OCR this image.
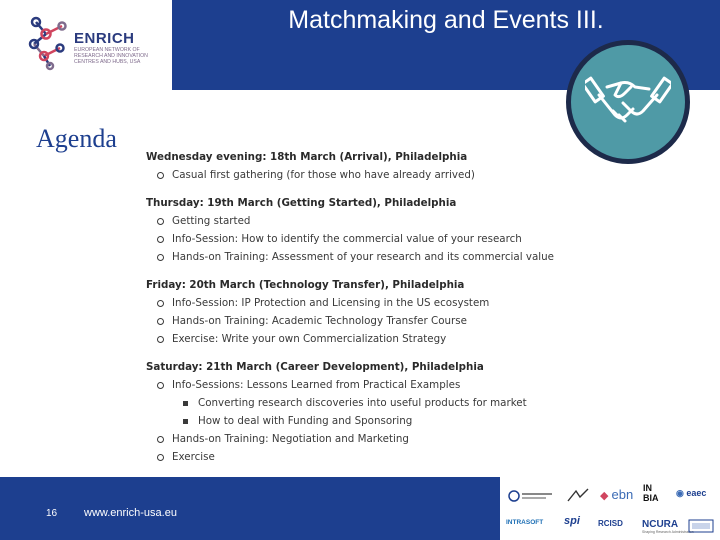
ENRICH
EUROPEAN NETWORK OF
RESEARCH AND INNOVATION
CENTRES AND HUBS, USA
Matchmaking and Events III.
Agenda
Wednesday evening: 18th March (Arrival), Philadelphia
Casual first gathering (for those who have already arrived)
Thursday: 19th March (Getting Started), Philadelphia
Getting started
Info-Session: How to identify the commercial value of your research
Hands-on Training: Assessment of your research and its commercial value
Friday: 20th March (Technology Transfer), Philadelphia
Info-Session: IP Protection and Licensing in the US ecosystem
Hands-on Training: Academic Technology Transfer Course
Exercise: Write your own Commercialization Strategy
Saturday: 21th March (Career Development), Philadelphia
Info-Sessions: Lessons Learned from Practical Examples
Converting research discoveries into useful products for market
How to deal with Funding and Sponsoring
Hands-on Training: Negotiation and Marketing
Exercise
16 www.enrich-usa.eu
◆ ebn IN
BIA ◉ eaec
INTRASOFT spi RCISD NCURA
Shaping Research Administration
